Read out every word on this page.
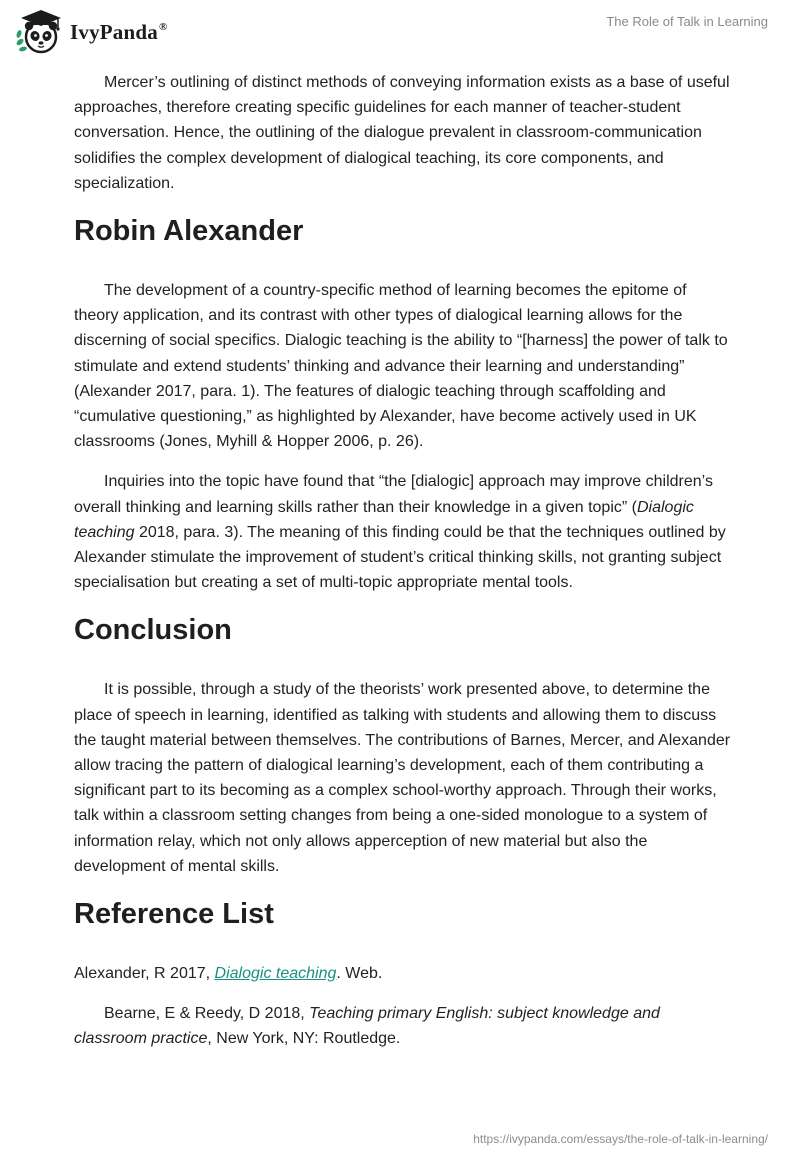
IvyPanda®	The Role of Talk in Learning

Mercer’s outlining of distinct methods of conveying information exists as a base of useful approaches, therefore creating specific guidelines for each manner of teacher-student conversation. Hence, the outlining of the dialogue prevalent in classroom-communication solidifies the complex development of dialogical teaching, its core components, and specialization.

Robin Alexander

The development of a country-specific method of learning becomes the epitome of theory application, and its contrast with other types of dialogical learning allows for the discerning of social specifics. Dialogic teaching is the ability to “[harness] the power of talk to stimulate and extend students’ thinking and advance their learning and understanding” (Alexander 2017, para. 1). The features of dialogic teaching through scaffolding and “cumulative questioning,” as highlighted by Alexander, have become actively used in UK classrooms (Jones, Myhill & Hopper 2006, p. 26).

Inquiries into the topic have found that “the [dialogic] approach may improve children’s overall thinking and learning skills rather than their knowledge in a given topic” (Dialogic teaching 2018, para. 3). The meaning of this finding could be that the techniques outlined by Alexander stimulate the improvement of student’s critical thinking skills, not granting subject specialisation but creating a set of multi-topic appropriate mental tools.

Conclusion

It is possible, through a study of the theorists’ work presented above, to determine the place of speech in learning, identified as talking with students and allowing them to discuss the taught material between themselves. The contributions of Barnes, Mercer, and Alexander allow tracing the pattern of dialogical learning’s development, each of them contributing a significant part to its becoming as a complex school-worthy approach. Through their works, talk within a classroom setting changes from being a one-sided monologue to a system of information relay, which not only allows apperception of new material but also the development of mental skills.

Reference List

Alexander, R 2017, Dialogic teaching. Web.

Bearne, E & Reedy, D 2018, Teaching primary English: subject knowledge and classroom practice, New York, NY: Routledge.

https://ivypanda.com/essays/the-role-of-talk-in-learning/
